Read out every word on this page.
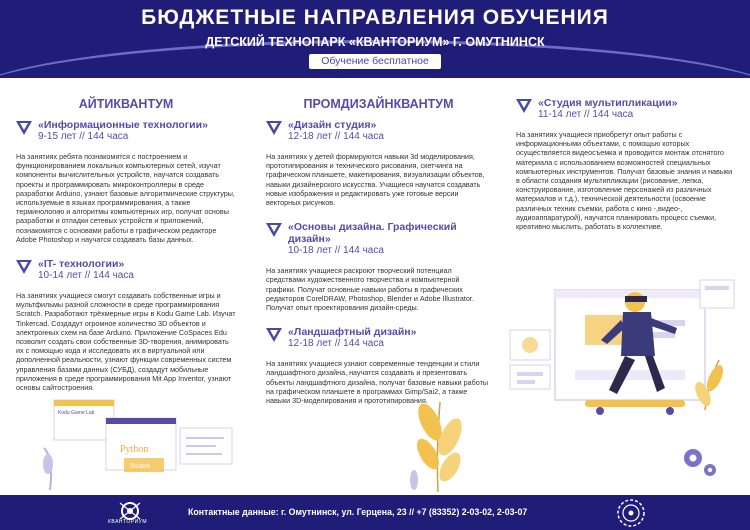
БЮДЖЕТНЫЕ НАПРАВЛЕНИЯ ОБУЧЕНИЯ
ДЕТСКИЙ ТЕХНОПАРК «КВАНТОРИУМ» Г. ОМУТНИНСК
Обучение бесплатное
АЙТИКВАНТУМ
«Информационные технологии»
9-15 лет // 144 часа
На занятиях ребята познакомятся с построением и функционированием локальных компьютерных сетей, изучат компоненты вычислительных устройств, научатся создавать проекты и программировать микроконтроллеры в среде разработки Arduino, узнают базовые алгоритмические структуры, используемые в языках программирования, а также терминологию и алгоритмы компьютерных игр, получат основы разработки и отладки сетевых устройств и приложений, познакомятся с основами работы в графическом редакторе Adobe Photoshop и научатся создавать базы данных.
«IT- технологии»
10-14 лет // 144 часа
На занятиях учащиеся смогут создавать собственные игры и мультфильмы разной сложности в среде программирования Scratch. Разработают трёхмерные игры в Kodu Game Lab. Изучат Tinkercad. Создадут огромное количество 3D объектов и электронных схем на базе Arduino. Приложение CoSpaces Edu позволит создать свои собственные 3D-творения, анимировать их с помощью кода и исследовать их в виртуальной или дополненной реальности, узнают функции современных систем управления базами данных (СУБД), создадут мобильные приложения в среде программирования Mit App Inventor, узнают основы сайтостроения.
Kodu Game Lab
Python
Scratch
ПРОМДИЗАЙНКВАНТУМ
«Дизайн студия»
12-18 лет // 144 часа
На занятиях у детей формируются навыки 3d моделирования, прототипирования и технического рисования, скетчинга на графическом планшете, макетирования, визуализации объектов, навыки дизайнерского искусства. Учащиеся научатся создавать новые изображения и редактировать уже готовые версии векторных рисунков.
«Основы дизайна. Графический дизайн»
10-18 лет // 144 часа
На занятиях учащиеся раскроют творческий потенциал средствами художественного творчества и компьютерной графики. Получат основные навыки работы в графических редакторов CorelDRAW, Photoshop, Blender и Adobe Illustrator. Получат опыт проектирования дизайн-среды.
«Ландшафтный дизайн»
12-18 лет // 144 часа
На занятиях учащиеся узнают современные тенденции и стили ландшафтного дизайна, научатся создавать и презентовать объекты ландшафтного дизайна, получат базовые навыки работы на графическом планшете в программах Gimp/Sai2, а также навыки 3D-моделирования и прототипирования.
«Студия мультипликации»
11-14 лет // 144 часа
На занятиях учащиеся приобретут опыт работы с информационными объектами, с помощью которых осуществляется видеосъемка и проводится монтаж отснятого материала с использованием возможностей специальных компьютерных инструментов. Получат базовые знания и навыки в области создания мультипликации (рисование, лепка, конструирование, изготовление персонажей из различных материалов и т.д.), технической деятельности (освоение различных техник съемки, работа с кино -,видео-, аудиоаппаратурой), научатся планировать процесс съемки, креативно мыслить, работать в коллективе.
КВАНТОРИУМ
Контактные данные: г. Омутнинск, ул. Герцена, 23 // +7 (83352) 2-03-02, 2-03-07
